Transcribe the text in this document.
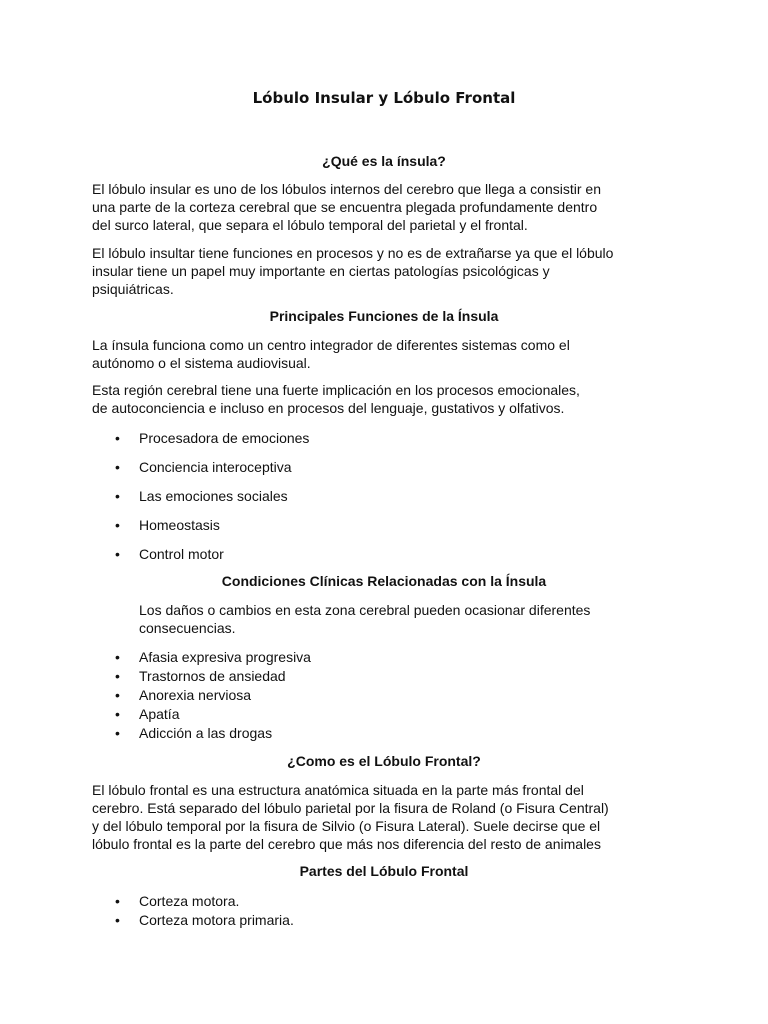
Lóbulo Insular y Lóbulo Frontal
¿Qué es la ínsula?
El lóbulo insular es uno de los lóbulos internos del cerebro que llega a consistir en
una parte de la corteza cerebral que se encuentra plegada profundamente dentro
del surco lateral, que separa el lóbulo temporal del parietal y el frontal.
El lóbulo insultar tiene funciones en procesos y no es de extrañarse ya que el lóbulo
insular tiene un papel muy importante en ciertas patologías psicológicas y
psiquiátricas.
Principales Funciones de la Ínsula
La ínsula funciona como un centro integrador de diferentes sistemas como el
autónomo o el sistema audiovisual.
Esta región cerebral tiene una fuerte implicación en los procesos emocionales,
de autoconciencia e incluso en procesos del lenguaje, gustativos y olfativos.
• Procesadora de emociones
• Conciencia interoceptiva
• Las emociones sociales
• Homeostasis
• Control motor
Condiciones Clínicas Relacionadas con la Ínsula
Los daños o cambios en esta zona cerebral pueden ocasionar diferentes
consecuencias.
• Afasia expresiva progresiva
• Trastornos de ansiedad
• Anorexia nerviosa
• Apatía
• Adicción a las drogas
¿Como es el Lóbulo Frontal?
El lóbulo frontal es una estructura anatómica situada en la parte más frontal del
cerebro. Está separado del lóbulo parietal por la fisura de Roland (o Fisura Central)
y del lóbulo temporal por la fisura de Silvio (o Fisura Lateral). Suele decirse que el
lóbulo frontal es la parte del cerebro que más nos diferencia del resto de animales
Partes del Lóbulo Frontal
• Corteza motora.
• Corteza motora primaria.
